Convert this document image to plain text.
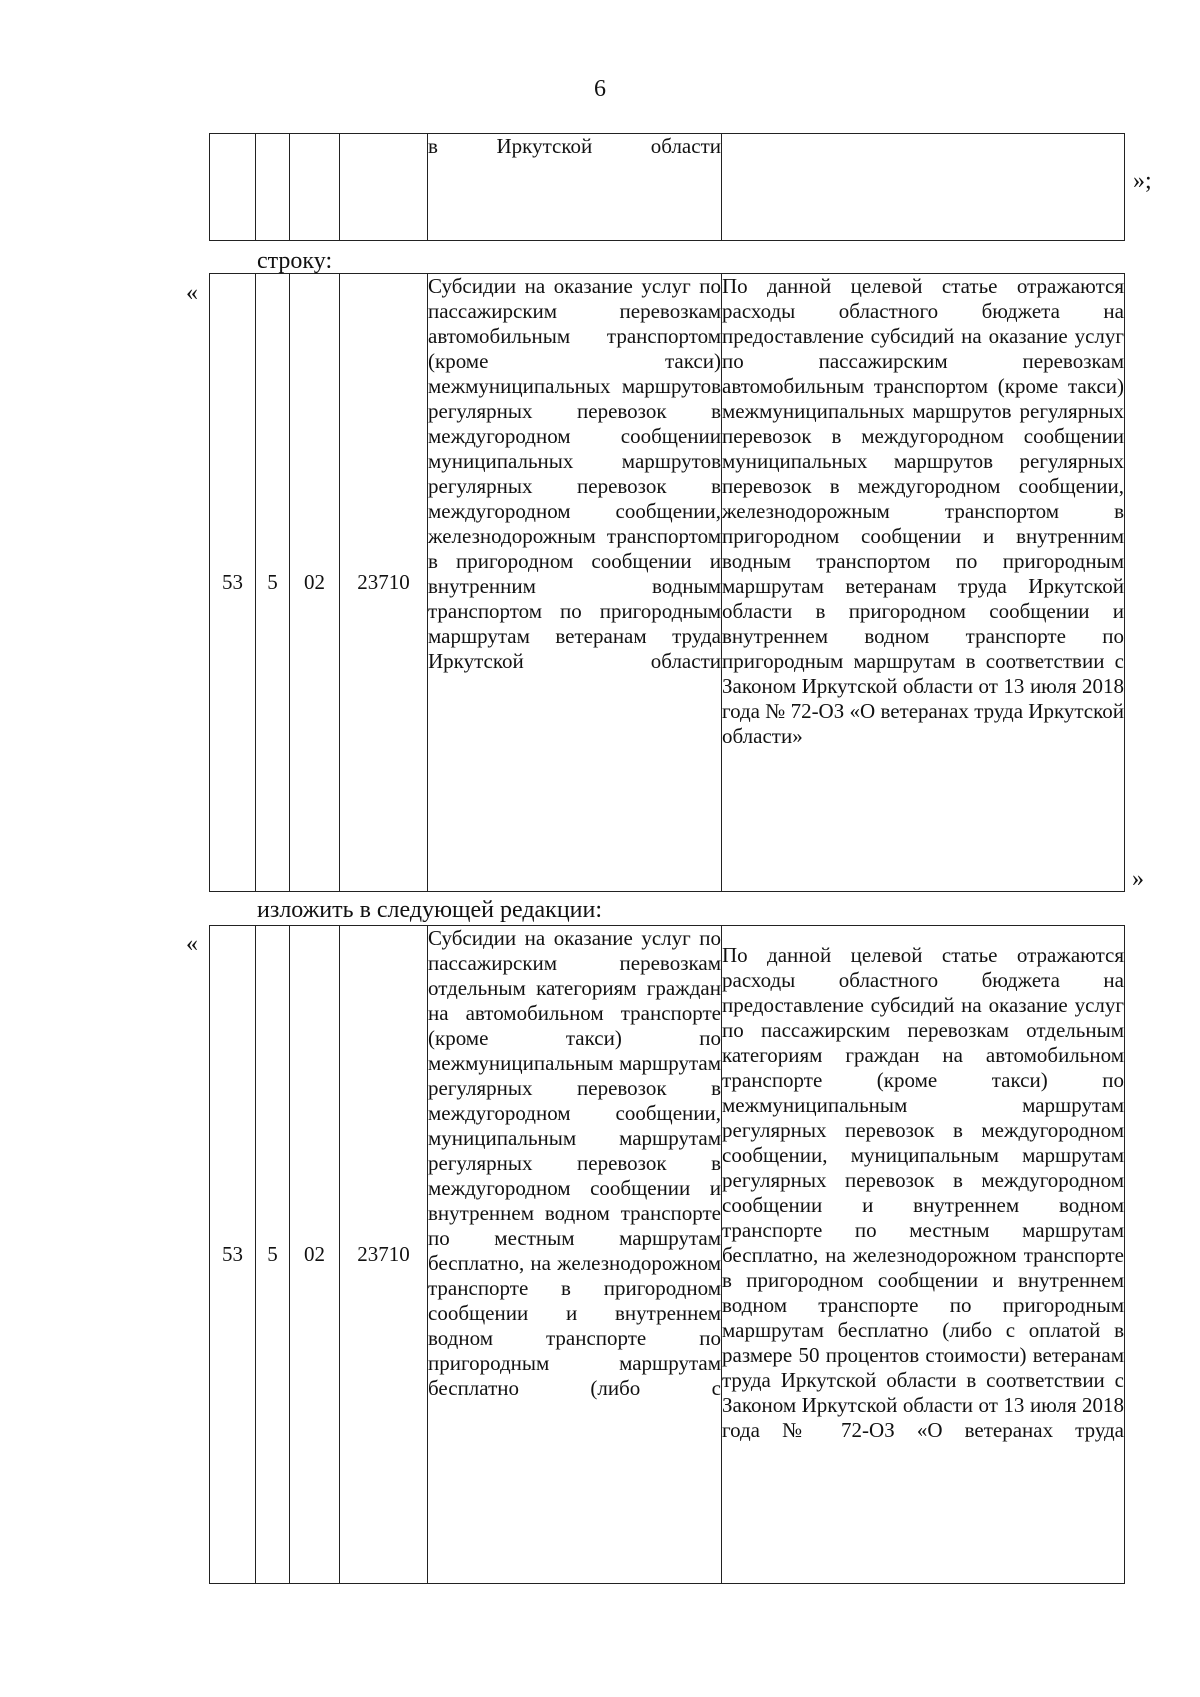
6
				в Иркутской области	
»;
строку:
«
53	5	02	23710	Субсидии на оказание услуг по пассажирским перевозкам автомобильным транспортом (кроме такси) межмуниципальных маршрутов регулярных перевозок в междугородном сообщении муниципальных маршрутов регулярных перевозок в междугородном сообщении, железнодорожным транспортом в пригородном сообщении и внутренним водным транспортом по пригородным маршрутам ветеранам труда Иркутской области	По данной целевой статье отражаются расходы областного бюджета на предоставление субсидий на оказание услуг по пассажирским перевозкам автомобильным транспортом (кроме такси) межмуниципальных маршрутов регулярных перевозок в междугородном сообщении муниципальных маршрутов регулярных перевозок в междугородном сообщении, железнодорожным транспортом в пригородном сообщении и внутренним водным транспортом по пригородным маршрутам ветеранам труда Иркутской области в пригородном сообщении и внутреннем водном транспорте по пригородным маршрутам в соответствии с Законом Иркутской области от 13 июля 2018 года № 72-ОЗ «О ветеранах труда Иркутской области»
»
изложить в следующей редакции:
«
53	5	02	23710	Субсидии на оказание услуг по пассажирским перевозкам отдельным категориям граждан на автомобильном транспорте (кроме такси) по межмуниципальным маршрутам регулярных перевозок в междугородном сообщении, муниципальным маршрутам регулярных перевозок в междугородном сообщении и внутреннем водном транспорте по местным маршрутам бесплатно, на железнодорожном транспорте в пригородном сообщении и внутреннем водном транспорте по пригородным маршрутам бесплатно (либо с	По данной целевой статье отражаются расходы областного бюджета на предоставление субсидий на оказание услуг по пассажирским перевозкам отдельным категориям граждан на автомобильном транспорте (кроме такси) по межмуниципальным маршрутам регулярных перевозок в междугородном сообщении, муниципальным маршрутам регулярных перевозок в междугородном сообщении и внутреннем водном транспорте по местным маршрутам бесплатно, на железнодорожном транспорте в пригородном сообщении и внутреннем водном транспорте по пригородным маршрутам бесплатно (либо с оплатой в размере 50 процентов стоимости) ветеранам труда Иркутской области в соответствии с Законом Иркутской области от 13 июля 2018 года № 72-ОЗ «О ветеранах труда
